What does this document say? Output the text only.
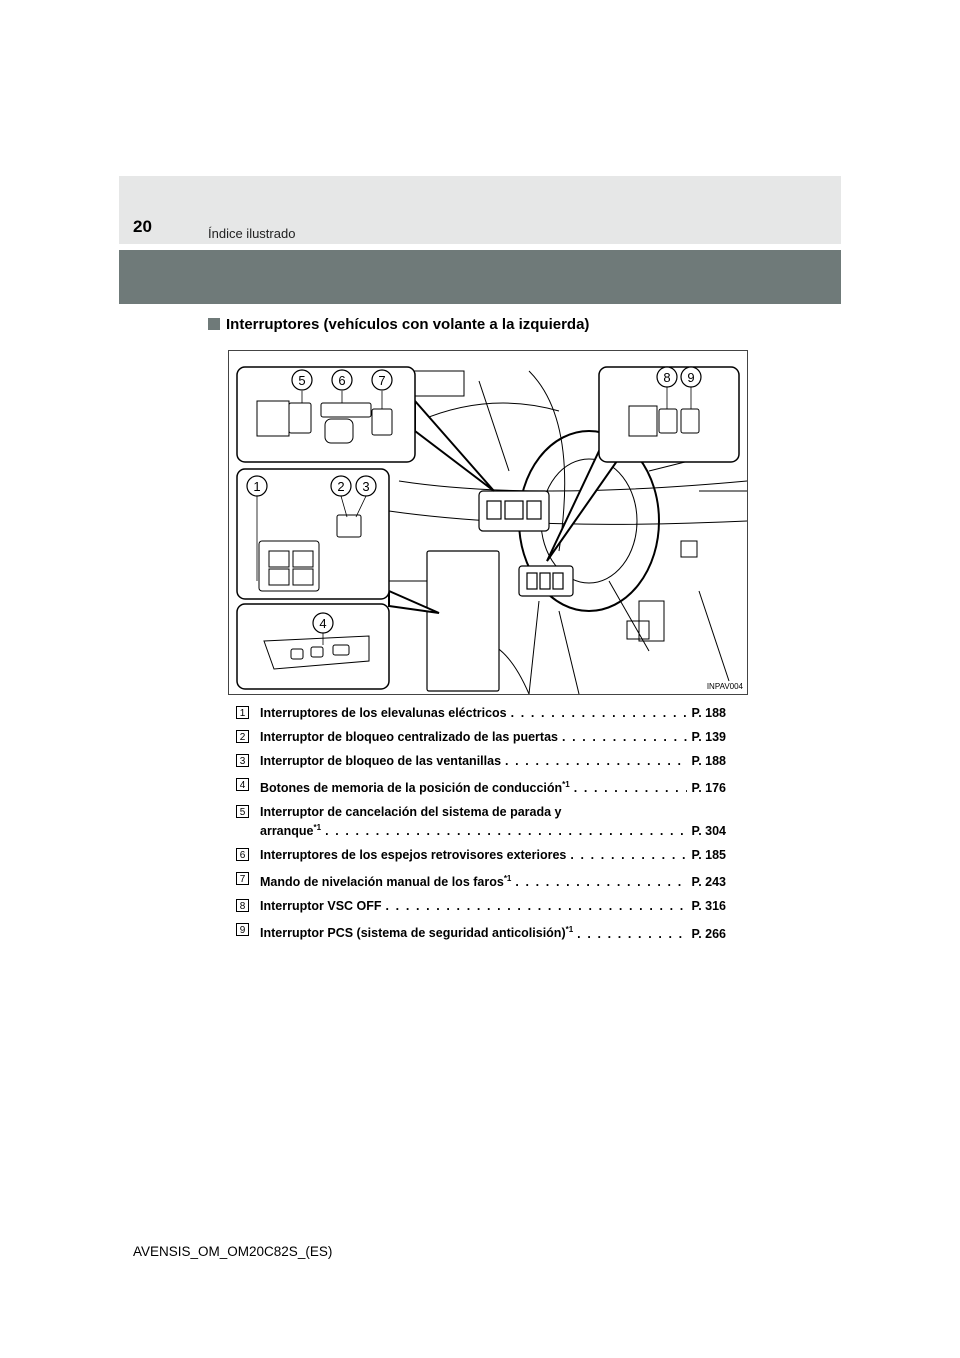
20	Índice ilustrado
Interruptores (vehículos con volante a la izquierda)
5	6	7	8 9
1	2 3
4
INPAV004
1 Interruptores de los elevalunas eléctricos . . .	P. 188
2 Interruptor de bloqueo centralizado de las puertas . . .	P. 139
3 Interruptor de bloqueo de las ventanillas . . .	P. 188
4 Botones de memoria de la posición de conducción$^{*1}$ . . .	P. 176
5 Interruptor de cancelación del sistema de parada y
arranque$^{*1}$ . . .	P. 304
6 Interruptores de los espejos retrovisores exteriores . . .	P. 185
7 Mando de nivelación manual de los faros$^{*1}$ . . .	P. 243
8 Interruptor VSC OFF . . .	P. 316
9 Interruptor PCS (sistema de seguridad anticolisión)$^{*1}$ . . .	P. 266
AVENSIS_OM_OM20C82S_(ES)
